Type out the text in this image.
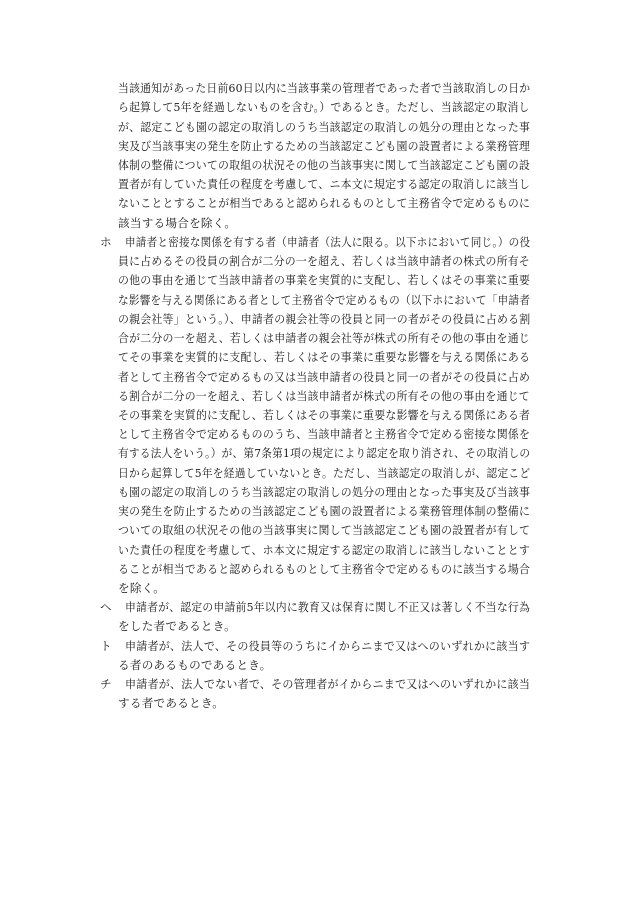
当該通知があった日前60日以内に当該事業の管理者であった者で当該取消しの日か

ら起算して5年を経過しないものを含む。）であるとき。ただし、当該認定の取消し

が、認定こども園の認定の取消しのうち当該認定の取消しの処分の理由となった事

実及び当該事実の発生を防止するための当該認定こども園の設置者による業務管理

体制の整備についての取組の状況その他の当該事実に関して当該認定こども園の設

置者が有していた責任の程度を考慮して、ニ本文に規定する認定の取消しに該当し

ないこととすることが相当であると認められるものとして主務省令で定めるものに

該当する場合を除く。

ホ 申請者と密接な関係を有する者（申請者（法人に限る。以下ホにおいて同じ。）の役

員に占めるその役員の割合が二分の一を超え、若しくは当該申請者の株式の所有そ

の他の事由を通じて当該申請者の事業を実質的に支配し、若しくはその事業に重要

な影響を与える関係にある者として主務省令で定めるもの（以下ホにおいて「申請者

の親会社等」という。）、申請者の親会社等の役員と同一の者がその役員に占める割

合が二分の一を超え、若しくは申請者の親会社等が株式の所有その他の事由を通じ

てその事業を実質的に支配し、若しくはその事業に重要な影響を与える関係にある

者として主務省令で定めるもの又は当該申請者の役員と同一の者がその役員に占め

る割合が二分の一を超え、若しくは当該申請者が株式の所有その他の事由を通じて

その事業を実質的に支配し、若しくはその事業に重要な影響を与える関係にある者

として主務省令で定めるもののうち、当該申請者と主務省令で定める密接な関係を

有する法人をいう。）が、第7条第1項の規定により認定を取り消され、その取消しの

日から起算して5年を経過していないとき。ただし、当該認定の取消しが、認定こど

も園の認定の取消しのうち当該認定の取消しの処分の理由となった事実及び当該事

実の発生を防止するための当該認定こども園の設置者による業務管理体制の整備に

ついての取組の状況その他の当該事実に関して当該認定こども園の設置者が有して

いた責任の程度を考慮して、ホ本文に規定する認定の取消しに該当しないこととす

ることが相当であると認められるものとして主務省令で定めるものに該当する場合

を除く。

ヘ 申請者が、認定の申請前5年以内に教育又は保育に関し不正又は著しく不当な行為

をした者であるとき。

ト 申請者が、法人で、その役員等のうちにイからニまで又はへのいずれかに該当す

る者のあるものであるとき。

チ 申請者が、法人でない者で、その管理者がイからニまで又はへのいずれかに該当

する者であるとき。
